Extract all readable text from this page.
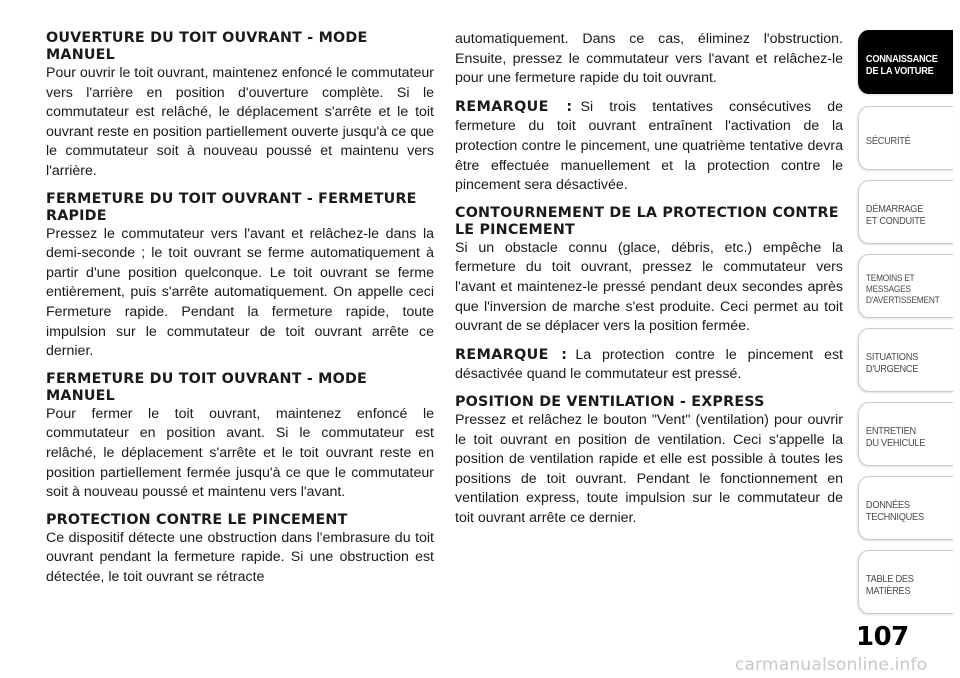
OUVERTURE DU TOIT OUVRANT - MODE MANUEL

Pour ouvrir le toit ouvrant, maintenez enfoncé le commutateur vers l'arrière en position d'ouverture complète. Si le commutateur est relâché, le déplacement s'arrête et le toit ouvrant reste en position partiellement ouverte jusqu'à ce que le commutateur soit à nouveau poussé et maintenu vers l'arrière.

FERMETURE DU TOIT OUVRANT - FERMETURE RAPIDE

Pressez le commutateur vers l'avant et relâchez-le dans la demi-seconde ; le toit ouvrant se ferme automatiquement à partir d'une position quelconque. Le toit ouvrant se ferme entièrement, puis s'arrête automatiquement. On appelle ceci Fermeture rapide. Pendant la fermeture rapide, toute impulsion sur le commutateur de toit ouvrant arrête ce dernier.

FERMETURE DU TOIT OUVRANT - MODE MANUEL

Pour fermer le toit ouvrant, maintenez enfoncé le commutateur en position avant. Si le commutateur est relâché, le déplacement s'arrête et le toit ouvrant reste en position partiellement fermée jusqu'à ce que le commutateur soit à nouveau poussé et maintenu vers l'avant.

PROTECTION CONTRE LE PINCEMENT

Ce dispositif détecte une obstruction dans l'embrasure du toit ouvrant pendant la fermeture rapide. Si une obstruction est détectée, le toit ouvrant se rétracte

automatiquement. Dans ce cas, éliminez l'obstruction. Ensuite, pressez le commutateur vers l'avant et relâchez-le pour une fermeture rapide du toit ouvrant.

REMARQUE : Si trois tentatives consécutives de fermeture du toit ouvrant entraînent l'activation de la protection contre le pincement, une quatrième tentative devra être effectuée manuellement et la protection contre le pincement sera désactivée.

CONTOURNEMENT DE LA PROTECTION CONTRE LE PINCEMENT

Si un obstacle connu (glace, débris, etc.) empêche la fermeture du toit ouvrant, pressez le commutateur vers l'avant et maintenez-le pressé pendant deux secondes après que l'inversion de marche s'est produite. Ceci permet au toit ouvrant de se déplacer vers la position fermée.

REMARQUE : La protection contre le pincement est désactivée quand le commutateur est pressé.

POSITION DE VENTILATION - EXPRESS

Pressez et relâchez le bouton "Vent" (ventilation) pour ouvrir le toit ouvrant en position de ventilation. Ceci s'appelle la position de ventilation rapide et elle est possible à toutes les positions de toit ouvrant. Pendant le fonctionnement en ventilation express, toute impulsion sur le commutateur de toit ouvrant arrête ce dernier.

CONNAISSANCE
DE LA VOITURE
SÉCURITÉ
DÉMARRAGE
ET CONDUITE
TEMOINS ET
MESSAGES
D'AVERTISSEMENT
SITUATIONS
D'URGENCE
ENTRETIEN
DU VEHICULE
DONNÉES
TECHNIQUES
TABLE DES
MATIÈRES
107
carmanualsonline.info
